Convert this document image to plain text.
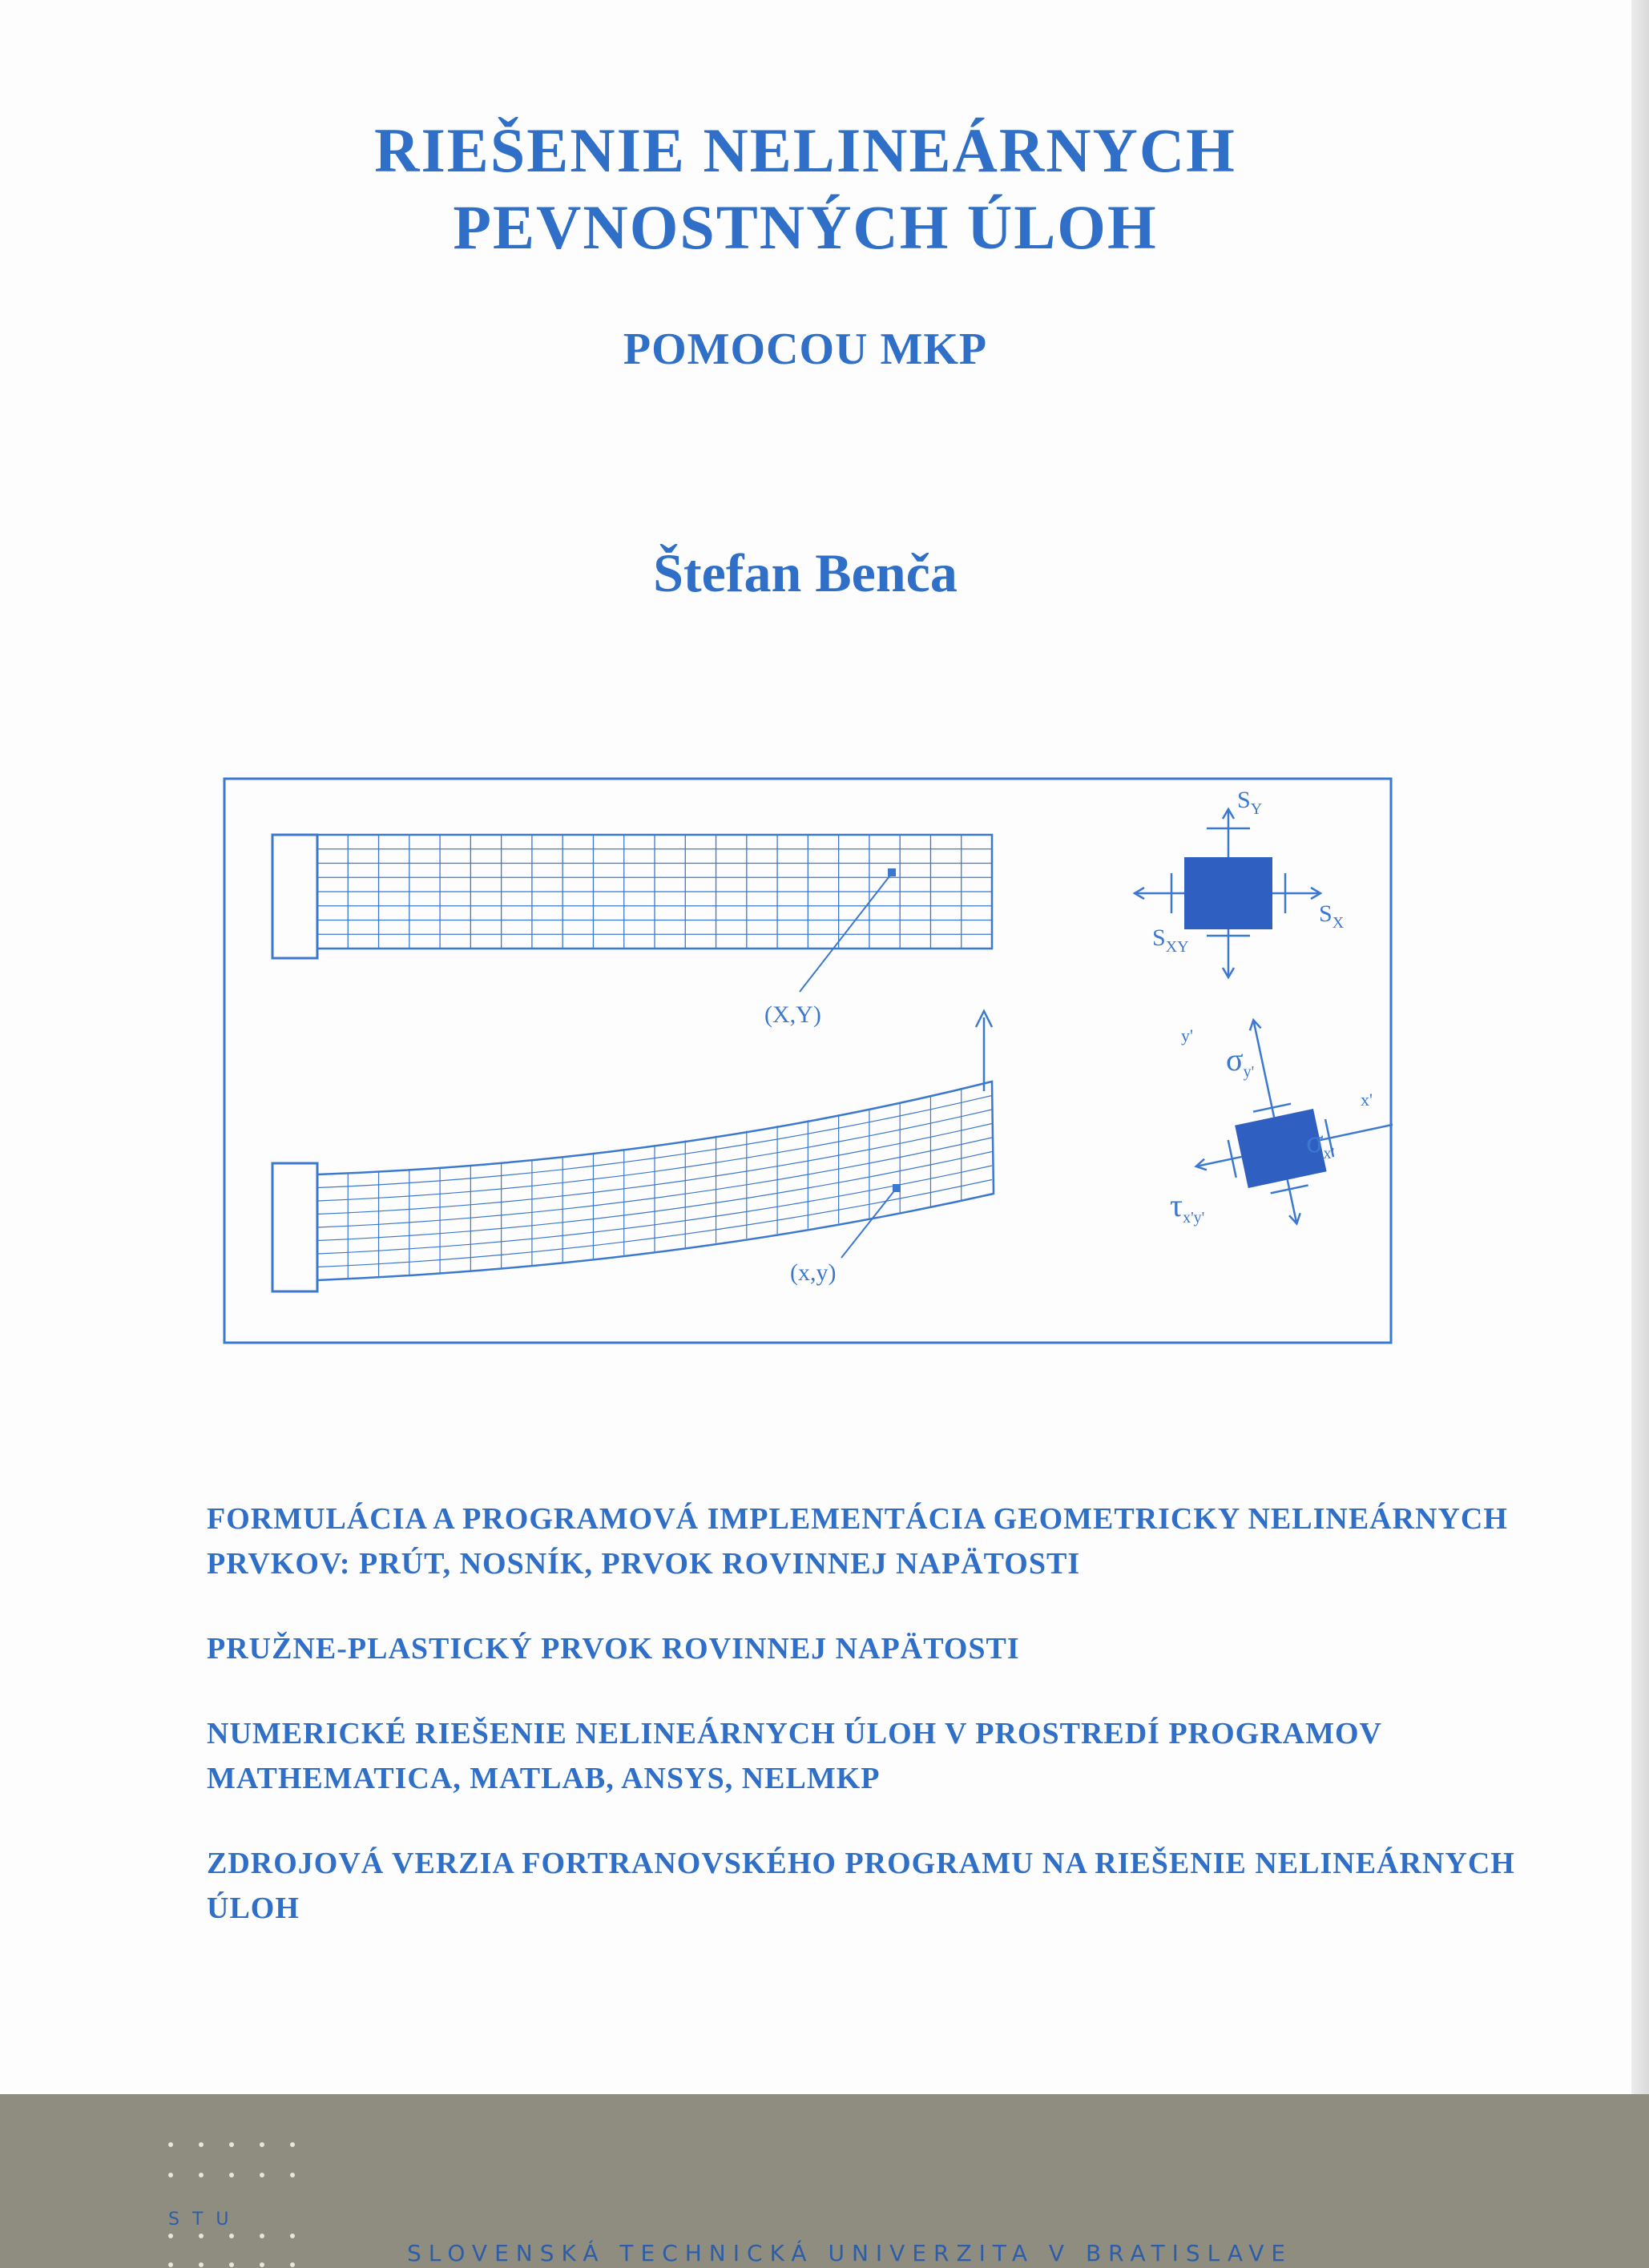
RIEŠENIE NELINEÁRNYCH
PEVNOSTNÝCH ÚLOH
POMOCOU MKP
Štefan Benča
(X,Y)
(x,y)
$S_Y$
$S_X$
$S_{XY}$
y'
x'
$\sigma_{y'}$
$\sigma_{x'}$
$\tau_{x'y'}$
FORMULÁCIA A PROGRAMOVÁ IMPLEMENTÁCIA GEOMETRICKY NELINEÁRNYCH PRVKOV: PRÚT, NOSNÍK, PRVOK ROVINNEJ NAPÄTOSTI
PRUŽNE-PLASTICKÝ PRVOK ROVINNEJ NAPÄTOSTI
NUMERICKÉ RIEŠENIE NELINEÁRNYCH ÚLOH V PROSTREDÍ PROGRAMOV MATHEMATICA, MATLAB, ANSYS, NELMKP
ZDROJOVÁ VERZIA FORTRANOVSKÉHO PROGRAMU NA RIEŠENIE NELINEÁRNYCH ÚLOH
STU
SLOVENSKÁ TECHNICKÁ UNIVERZITA V BRATISLAVE
